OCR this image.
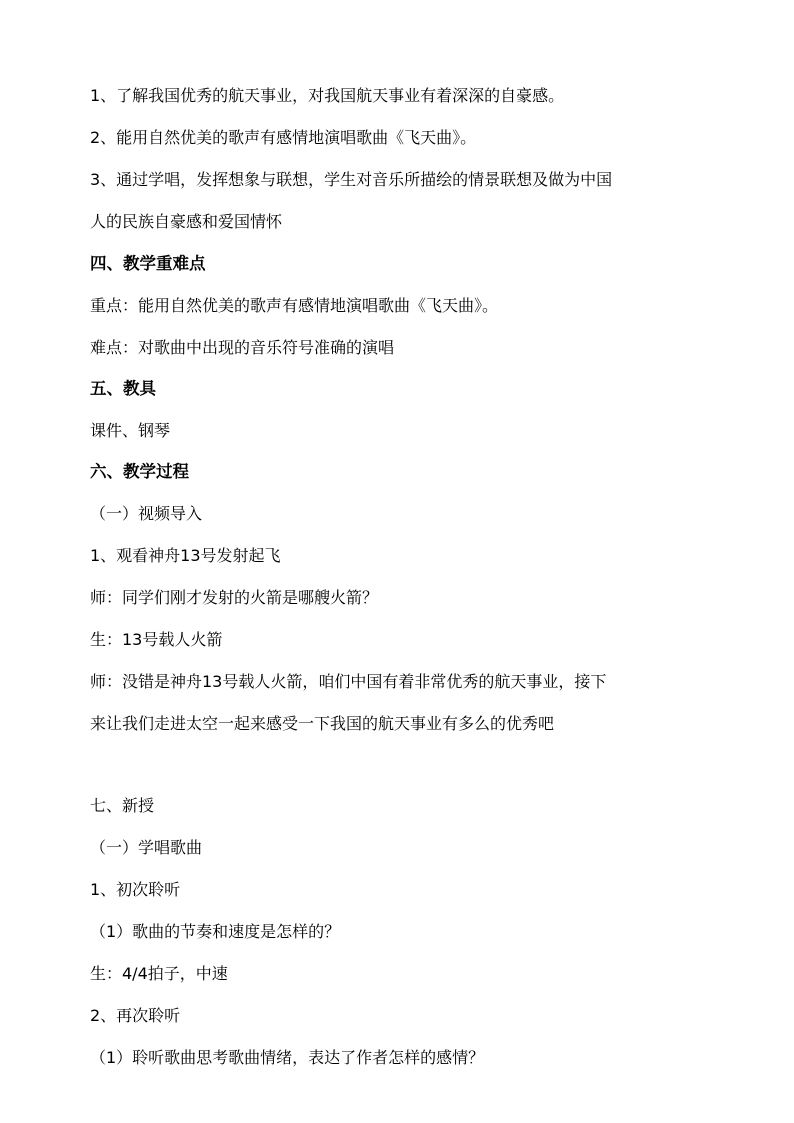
1、了解我国优秀的航天事业，对我国航天事业有着深深的自豪感。
2、能用自然优美的歌声有感情地演唱歌曲《飞天曲》。
3、通过学唱，发挥想象与联想，学生对音乐所描绘的情景联想及做为中国
人的民族自豪感和爱国情怀
四、教学重难点
重点：能用自然优美的歌声有感情地演唱歌曲《飞天曲》。
难点：对歌曲中出现的音乐符号准确的演唱
五、教具
课件、钢琴
六、教学过程
（一）视频导入
1、观看神舟13号发射起飞
师：同学们刚才发射的火箭是哪艘火箭？
生：13号载人火箭
师：没错是神舟13号载人火箭，咱们中国有着非常优秀的航天事业，接下
来让我们走进太空一起来感受一下我国的航天事业有多么的优秀吧
七、新授
（一）学唱歌曲
1、初次聆听
（1）歌曲的节奏和速度是怎样的？
生：4/4拍子，中速
2、再次聆听
（1）聆听歌曲思考歌曲情绪，表达了作者怎样的感情？
